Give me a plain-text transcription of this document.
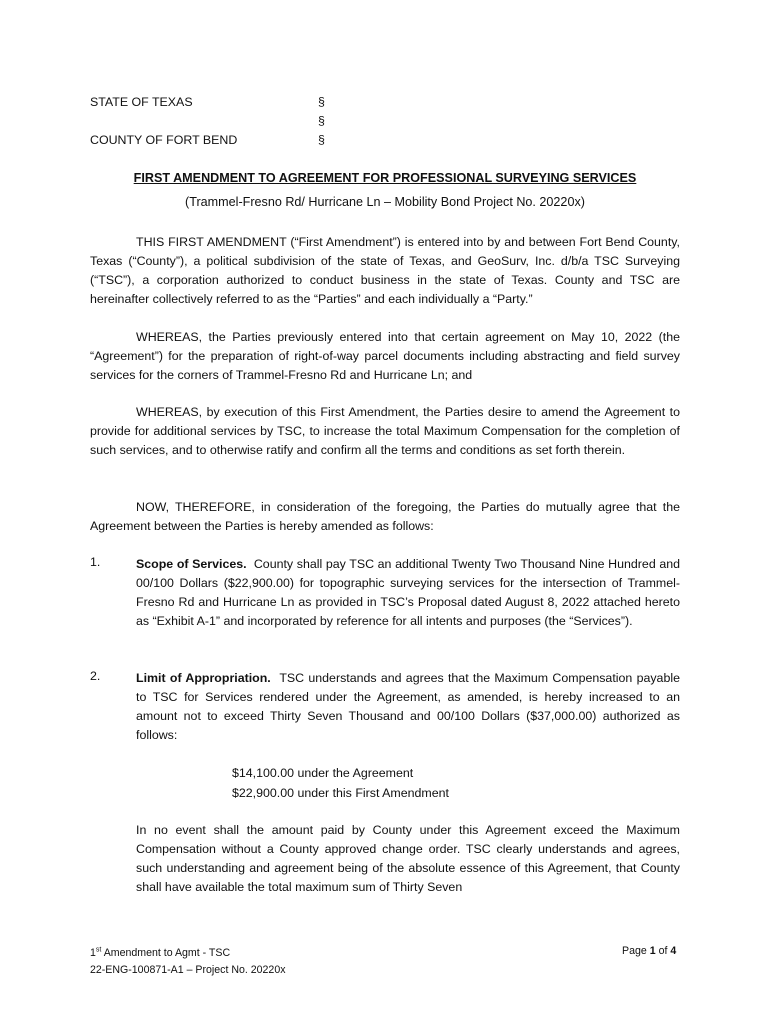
STATE OF TEXAS	§
§
COUNTY OF FORT BEND	§
FIRST AMENDMENT TO AGREEMENT FOR PROFESSIONAL SURVEYING SERVICES
(Trammel-Fresno Rd/ Hurricane Ln – Mobility Bond Project No. 20220x)
THIS FIRST AMENDMENT (“First Amendment”) is entered into by and between Fort Bend County, Texas (“County”), a political subdivision of the state of Texas, and GeoSurv, Inc. d/b/a TSC Surveying (“TSC”), a corporation authorized to conduct business in the state of Texas. County and TSC are hereinafter collectively referred to as the “Parties” and each individually a “Party.”
WHEREAS, the Parties previously entered into that certain agreement on May 10, 2022 (the “Agreement”) for the preparation of right-of-way parcel documents including abstracting and field survey services for the corners of Trammel-Fresno Rd and Hurricane Ln; and
WHEREAS, by execution of this First Amendment, the Parties desire to amend the Agreement to provide for additional services by TSC, to increase the total Maximum Compensation for the completion of such services, and to otherwise ratify and confirm all the terms and conditions as set forth therein.
NOW, THEREFORE, in consideration of the foregoing, the Parties do mutually agree that the Agreement between the Parties is hereby amended as follows:
1.	Scope of Services. County shall pay TSC an additional Twenty Two Thousand Nine Hundred and 00/100 Dollars ($22,900.00) for topographic surveying services for the intersection of Trammel-Fresno Rd and Hurricane Ln as provided in TSC’s Proposal dated August 8, 2022 attached hereto as “Exhibit A-1” and incorporated by reference for all intents and purposes (the “Services”).
2.	Limit of Appropriation. TSC understands and agrees that the Maximum Compensation payable to TSC for Services rendered under the Agreement, as amended, is hereby increased to an amount not to exceed Thirty Seven Thousand and 00/100 Dollars ($37,000.00) authorized as follows:
$14,100.00 under the Agreement
$22,900.00 under this First Amendment
In no event shall the amount paid by County under this Agreement exceed the Maximum Compensation without a County approved change order. TSC clearly understands and agrees, such understanding and agreement being of the absolute essence of this Agreement, that County shall have available the total maximum sum of Thirty Seven
1st Amendment to Agmt - TSC
22-ENG-100871-A1 – Project No. 20220x
Page 1 of 4
